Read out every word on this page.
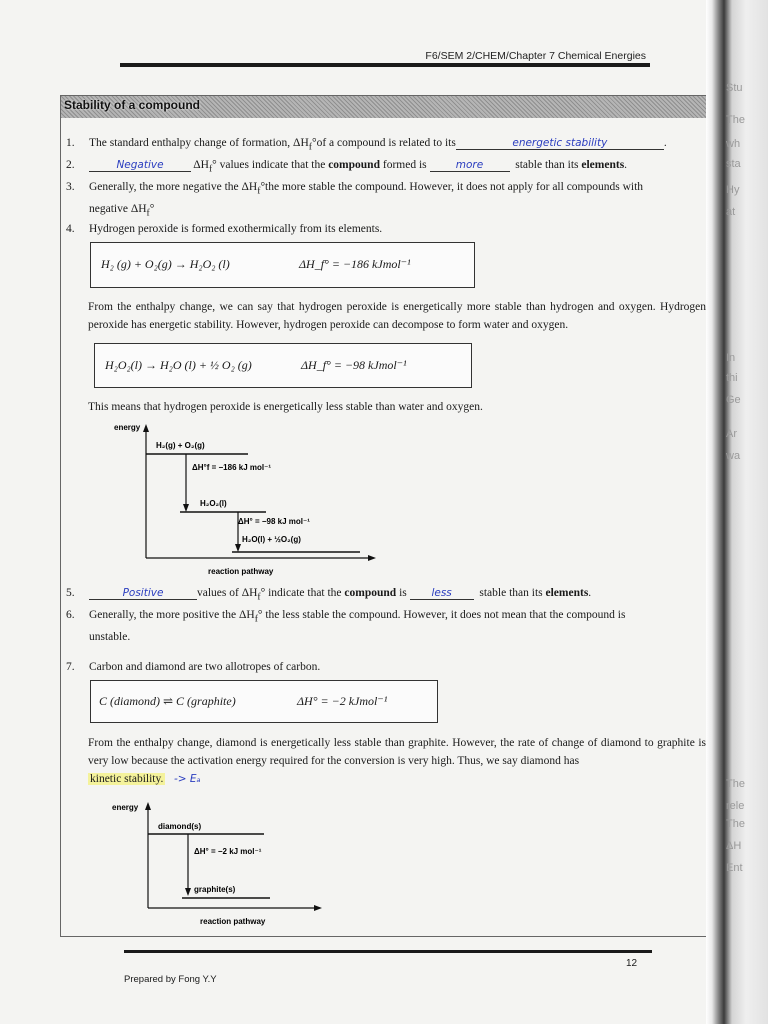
Stu
The
wh
sta
Hy
at
In
thi
Ge
Ar
wa
The
rele
The
ΔH
Ent
F6/SEM 2/CHEM/Chapter 7 Chemical Energies
Stability of a compound
1. The standard enthalpy change of formation, $\Delta H_f^\circ of$ a compound is related to its	energetic stability	.
2.	Negative	$\Delta H_f^\circ$ values indicate that the compound formed is	more	stable than its elements.
3. Generally, the more negative the $\Delta H_f^\circ the$ more stable the compound. However, it does not apply for all compounds with
negative $\Delta H_f^\circ$
4. Hydrogen peroxide is formed exothermically from its elements.
H₂ (g) + O₂(g) → H₂O₂ (l)	ΔH_f° = −186 kJmol⁻¹
From the enthalpy change, we can say that hydrogen peroxide is energetically more stable than hydrogen and oxygen. Hydrogen peroxide has energetic stability. However, hydrogen peroxide can decompose to form water and oxygen.
H₂O₂(l) → H₂O (l) + ½ O₂ (g)	ΔH_f° = −98 kJmol⁻¹
This means that hydrogen peroxide is energetically less stable than water and oxygen.
energy
reaction pathway
H₂(g) + O₂(g)
ΔH°f = −186 kJ mol⁻¹
H₂O₂(l)
ΔH° = −98 kJ mol⁻¹
H₂O(l) + ½O₂(g)
5.	Positive	values of $\Delta H_f^\circ$ indicate that the compound is less stable than its elements.
6. Generally, the more positive the $\Delta H_f^\circ$ the less stable the compound. However, it does not mean that the compound is
unstable.
7. Carbon and diamond are two allotropes of carbon.
C (diamond) ⇌ C (graphite)	ΔH° = −2 kJmol⁻¹
From the enthalpy change, diamond is energetically less stable than graphite. However, the rate of change of diamond to graphite is very low because the activation energy required for the conversion is very high. Thus, we say diamond has
kinetic stability. -> Eₐ
energy
reaction pathway
diamond(s)
ΔH° = −2 kJ mol⁻¹
graphite(s)
12
Prepared by Fong Y.Y
